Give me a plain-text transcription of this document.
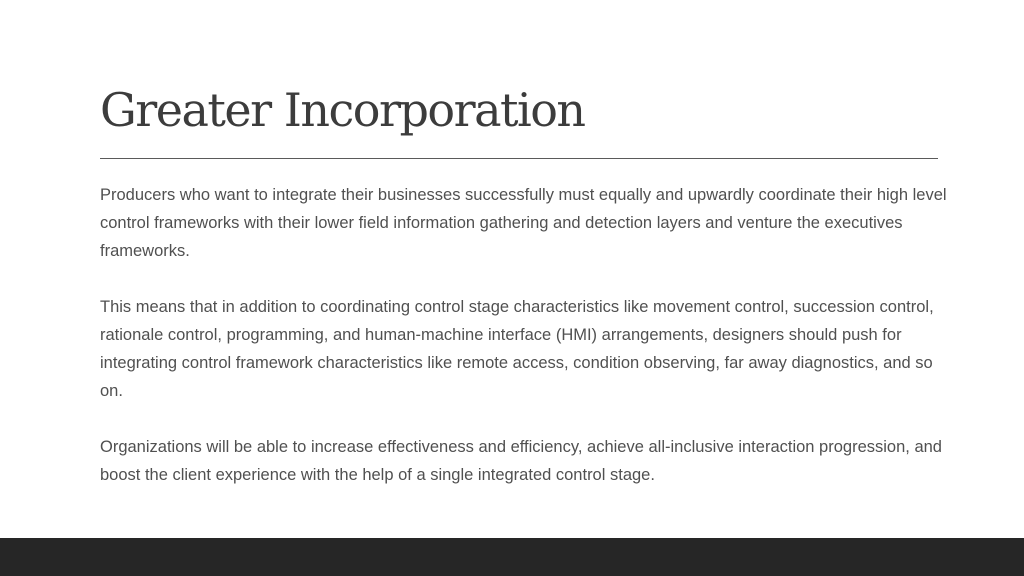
Greater Incorporation

Producers who want to integrate their businesses successfully must equally and upwardly coordinate their high level control frameworks with their lower field information gathering and detection layers and venture the executives frameworks.

This means that in addition to coordinating control stage characteristics like movement control, succession control, rationale control, programming, and human-machine interface (HMI) arrangements, designers should push for integrating control framework characteristics like remote access, condition observing, far away diagnostics, and so on.

Organizations will be able to increase effectiveness and efficiency, achieve all-inclusive interaction progression, and boost the client experience with the help of a single integrated control stage.
